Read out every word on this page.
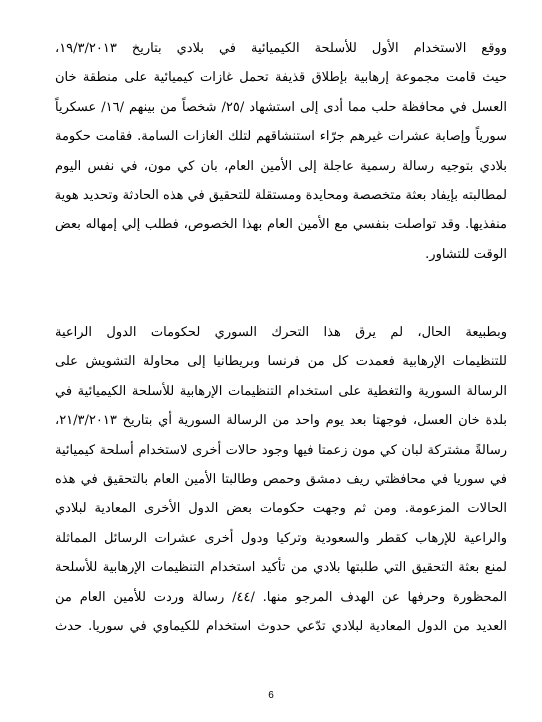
ووقع الاستخدام الأول للأسلحة الكيميائية في بلادي بتاريخ ١٩/٣/٢٠١٣،
حيث قامت مجموعة إرهابية بإطلاق قذيفة تحمل غازات كيميائية على منطقة خان
العسل في محافظة حلب مما أدى إلى استشهاد /٢٥/ شخصاً من بينهم /١٦/ عسكرياً
سورياً وإصابة عشرات غيرهم جرّاء استنشاقهم لتلك الغازات السامة. فقامت حكومة
بلادي بتوجيه رسالة رسمية عاجلة إلى الأمين العام، بان كي مون، في نفس اليوم
لمطالبته بإيفاد بعثة متخصصة ومحايدة ومستقلة للتحقيق في هذه الحادثة وتحديد هوية
منفذيها. وقد تواصلت بنفسي مع الأمين العام بهذا الخصوص، فطلب إلي إمهاله بعض
الوقت للتشاور.
وبطبيعة الحال، لم يرق هذا التحرك السوري لحكومات الدول الراعية
للتنظيمات الإرهابية فعمدت كل من فرنسا وبريطانيا إلى محاولة التشويش على
الرسالة السورية والتغطية على استخدام التنظيمات الإرهابية للأسلحة الكيميائية في
بلدة خان العسل، فوجهتا بعد يوم واحد من الرسالة السورية أي بتاريخ ٢١/٣/٢٠١٣،
رسالةً مشتركة لبان كي مون زعمتا فيها وجود حالات أخرى لاستخدام أسلحة كيميائية
في سوريا في محافظتي ريف دمشق وحمص وطالبتا الأمين العام بالتحقيق في هذه
الحالات المزعومة. ومن ثم وجهت حكومات بعض الدول الأخرى المعادية لبلادي
والراعية للإرهاب كقطر والسعودية وتركيا ودول أخرى عشرات الرسائل المماثلة
لمنع بعثة التحقيق التي طلبتها بلادي من تأكيد استخدام التنظيمات الإرهابية للأسلحة
المحظورة وحرفها عن الهدف المرجو منها. /٤٤/ رسالة وردت للأمين العام من
العديد من الدول المعادية لبلادي تدّعي حدوث استخدام للكيماوي في سوريا. حدث
6
